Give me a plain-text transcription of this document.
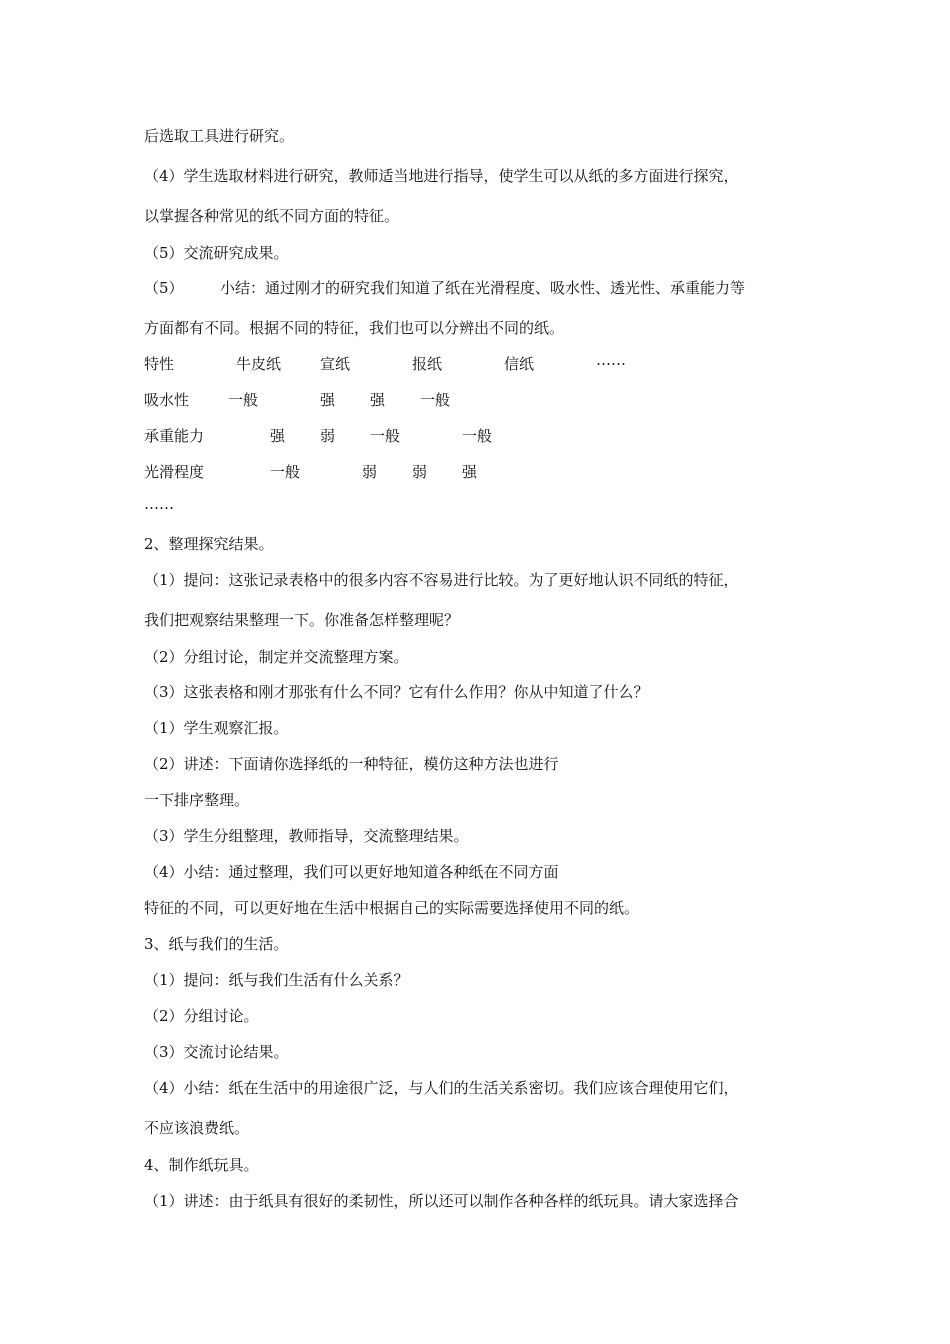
后选取工具进行研究。
（4）学生选取材料进行研究，教师适当地进行指导，使学生可以从纸的多方面进行探究，
以掌握各种常见的纸不同方面的特征。
（5）交流研究成果。
（5） 小结：通过刚才的研究我们知道了纸在光滑程度、吸水性、透光性、承重能力等
方面都有不同。根据不同的特征，我们也可以分辨出不同的纸。
特性	牛皮纸	宣纸	报纸	信纸	……
吸水性	一般	强 强 一般
承重能力	强 弱 一般	一般
光滑程度	一般	弱 弱 强
……
2、整理探究结果。
（1）提问：这张记录表格中的很多内容不容易进行比较。为了更好地认识不同纸的特征，
我们把观察结果整理一下。你准备怎样整理呢？
（2）分组讨论，制定并交流整理方案。
（3）这张表格和刚才那张有什么不同？它有什么作用？你从中知道了什么？
（1）学生观察汇报。
（2）讲述：下面请你选择纸的一种特征，模仿这种方法也进行
一下排序整理。
（3）学生分组整理，教师指导，交流整理结果。
（4）小结：通过整理，我们可以更好地知道各种纸在不同方面
特征的不同，可以更好地在生活中根据自己的实际需要选择使用不同的纸。
3、纸与我们的生活。
（1）提问：纸与我们生活有什么关系？
（2）分组讨论。
（3）交流讨论结果。
（4）小结：纸在生活中的用途很广泛，与人们的生活关系密切。我们应该合理使用它们，
不应该浪费纸。
4、制作纸玩具。
（1）讲述：由于纸具有很好的柔韧性，所以还可以制作各种各样的纸玩具。请大家选择合
